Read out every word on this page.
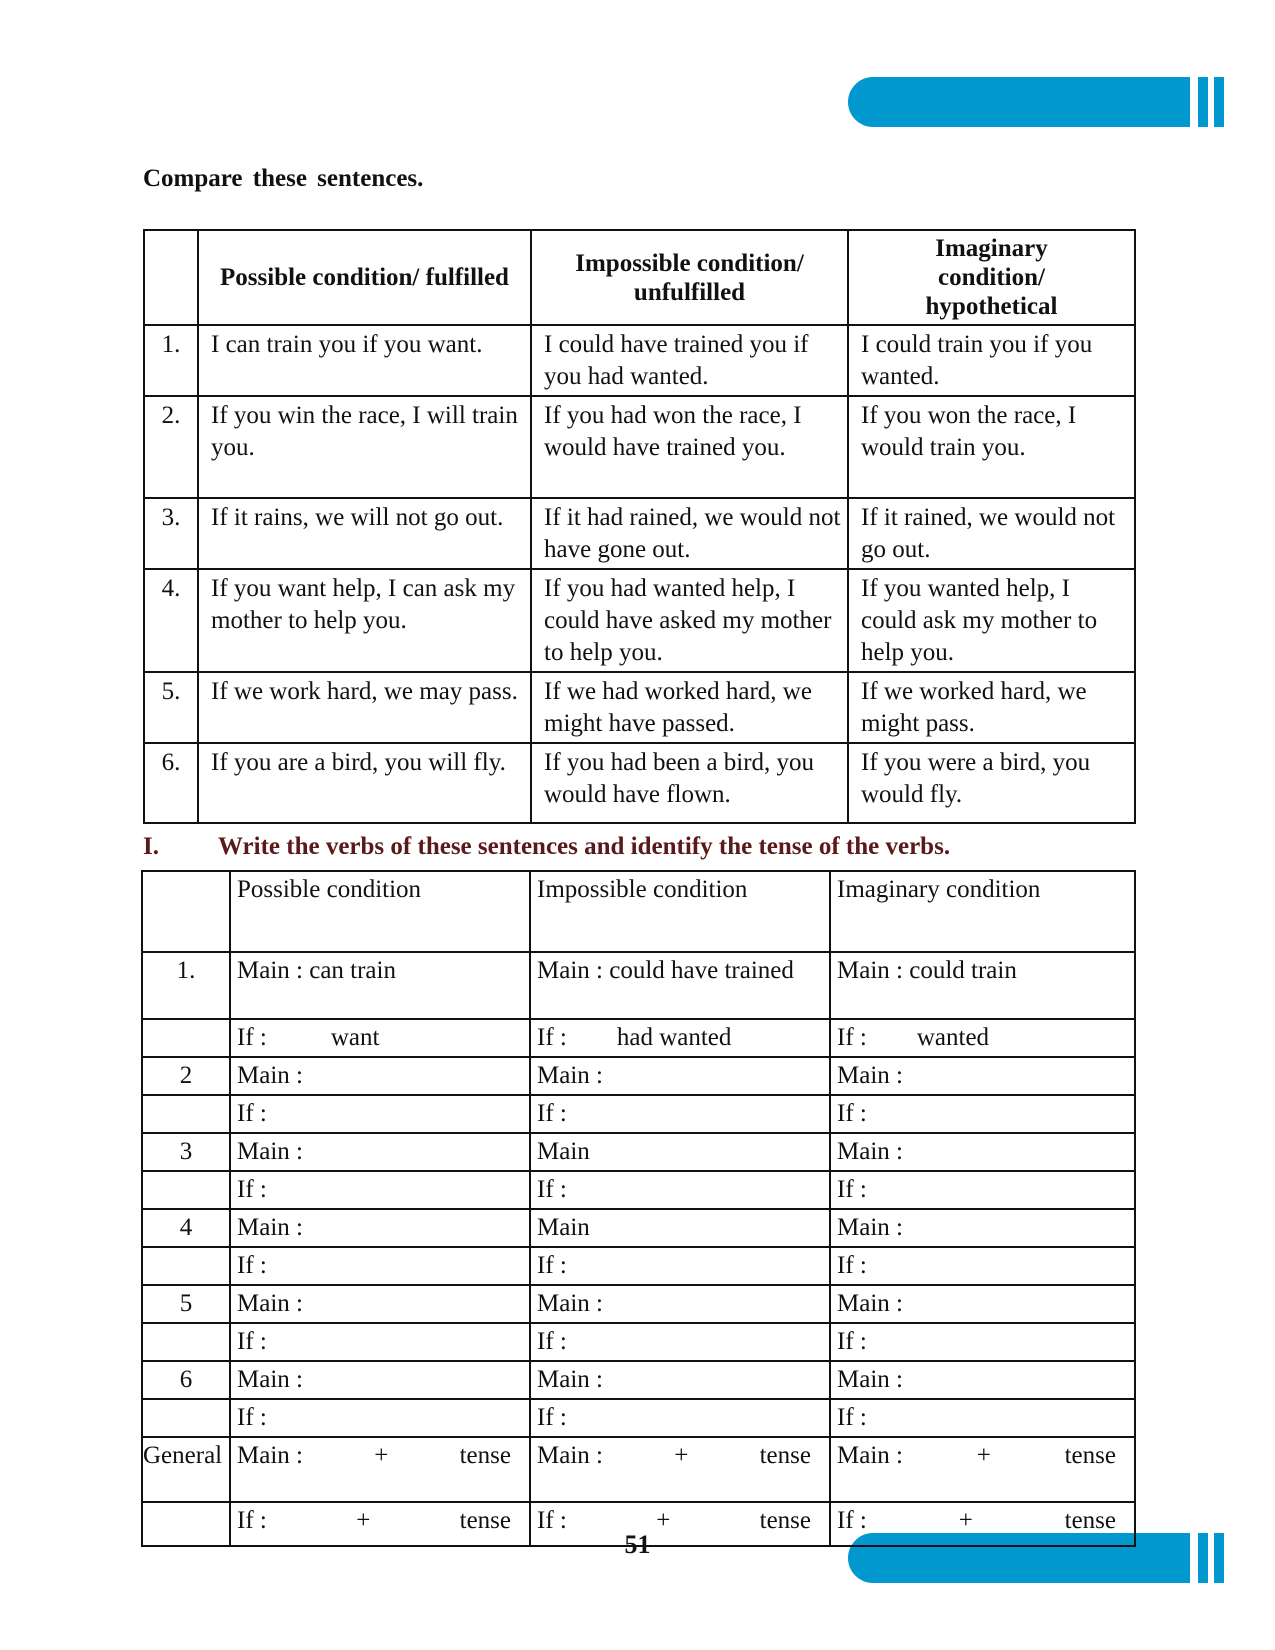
Compare these sentences.
	Possible condition/ fulfilled	Impossible condition/ unfulfilled	Imaginary condition/ hypothetical
1.	I can train you if you want.	I could have trained you if you had wanted.	I could train you if you wanted.
2.	If you win the race, I will train you.	If you had won the race, I would have trained you.	If you won the race, I would train you.
3.	If it rains, we will not go out.	If it had rained, we would not have gone out.	If it rained, we would not go out.
4.	If you want help, I can ask my mother to help you.	If you had wanted help, I could have asked my mother to help you.	If you wanted help, I could ask my mother to help you.
5.	If we work hard, we may pass.	If we had worked hard, we might have passed.	If we worked hard, we might pass.
6.	If you are a bird, you will fly.	If you had been a bird, you would have flown.	If you were a bird, you would fly.
I. Write the verbs of these sentences and identify the tense of the verbs.
	Possible condition	Impossible condition	Imaginary condition
1.	Main : can train	Main : could have trained	Main : could train
	If : want	If : had wanted	If : wanted
2	Main :	Main :	Main :
	If :	If :	If :
3	Main :	Main	Main :
	If :	If :	If :
4	Main :	Main	Main :
	If :	If :	If :
5	Main :	Main :	Main :
	If :	If :	If :
6	Main :	Main :	Main :
	If :	If :	If :
General	Main : + tense	Main : + tense	Main : + tense

	If : + tense	If : + tense	If : + tense
51
